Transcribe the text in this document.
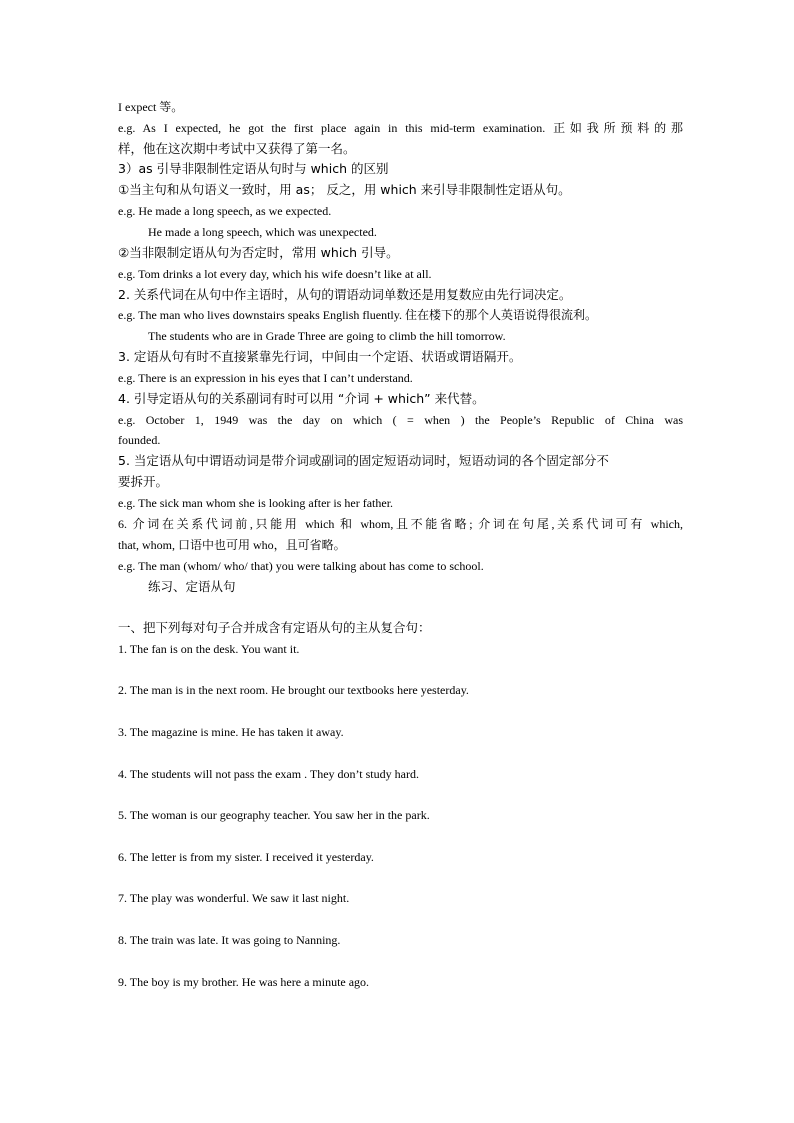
I expect 等。
e.g. As I expected, he got the first place again in this mid-term examination. 正如我所预料的那
样，他在这次期中考试中又获得了第一名。
3）as 引导非限制性定语从句时与 which 的区别
①当主句和从句语义一致时，用 as； 反之，用 which 来引导非限制性定语从句。
e.g. He made a long speech, as we expected.
He made a long speech, which was unexpected.
②当非限制定语从句为否定时，常用 which 引导。
e.g. Tom drinks a lot every day, which his wife doesn’t like at all.
2. 关系代词在从句中作主语时，从句的谓语动词单数还是用复数应由先行词决定。
e.g. The man who lives downstairs speaks English fluently. 住在楼下的那个人英语说得很流利。
The students who are in Grade Three are going to climb the hill tomorrow.
3. 定语从句有时不直接紧靠先行词，中间由一个定语、状语或谓语隔开。
e.g. There is an expression in his eyes that I can’t understand.
4. 引导定语从句的关系副词有时可以用 “介词 + which” 来代替。
e.g. October 1, 1949 was the day on which ( = when ) the People’s Republic of China was
founded.
5. 当定语从句中谓语动词是带介词或副词的固定短语动词时，短语动词的各个固定部分不
要拆开。
e.g. The sick man whom she is looking after is her father.
6. 介词在关系代词前,只能用 which 和 whom,且不能省略; 介词在句尾,关系代词可有 which,
that, whom, 口语中也可用 who，且可省略。
e.g. The man (whom/ who/ that) you were talking about has come to school.
练习、定语从句
一、把下列每对句子合并成含有定语从句的主从复合句：
1. The fan is on the desk. You want it.
2. The man is in the next room. He brought our textbooks here yesterday.
3. The magazine is mine. He has taken it away.
4. The students will not pass the exam . They don’t study hard.
5. The woman is our geography teacher. You saw her in the park.
6. The letter is from my sister. I received it yesterday.
7. The play was wonderful. We saw it last night.
8. The train was late. It was going to Nanning.
9. The boy is my brother. He was here a minute ago.
